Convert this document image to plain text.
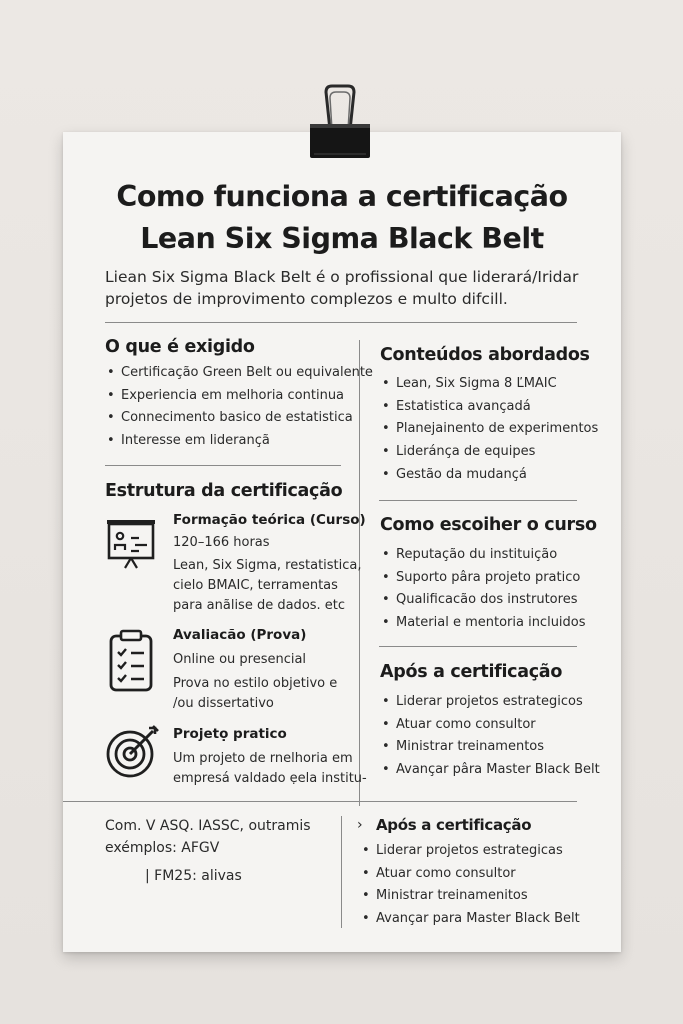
Como funciona a certificação
Lean Six Sigma Black Belt
Liean Six Sigma Black Belt é o profissional que liderará/Iridar
projetos de improvimento complezos e multo difcill.
O que é exigido
• Certificação Green Belt ou equivalente
• Experiencia em melhoria continua
• Connecimento basico de estatistica
• Interesse em liderançã
Estrutura da certificação
Formação teórica (Curso)
120–166 horas
Lean, Six Sigma, restatistica,
cielo BMAIC, terramentas
para anãlise de dados. etc
Avaliacão (Prova)
Online ou presencial
Prova no estilo objetivo e
/ou dissertativo
Projetọ pratico
Um projeto de rnelhoria em
empresá valdado ẹela institu-
Conteúdos abordados
• Lean, Six Sigma 8 ĽMAIC
• Estatistica avançadá
• Planejainento de experimentos
• Lideránça de equipes
• Gestão da mudançá
Como escoiher o curso
• Reputação du instituição
• Suporto pâra projeto pratico
• Qualificacão dos instrutores
• Material e mentoria incluidos
Após a certificação
• Liderar projetos estrategicos
• Atuar como consultor
• Ministrar treinamentos
• Avançar pâra Master Black Belt
Com. V ASQ. IASSC, outramis
exémplos: AFGV
| FM25: alivas
› Após a certificação
• Liderar projetos estrategicas
• Atuar como consultor
• Ministrar treinamenitos
• Avançar para Master Black Belt
